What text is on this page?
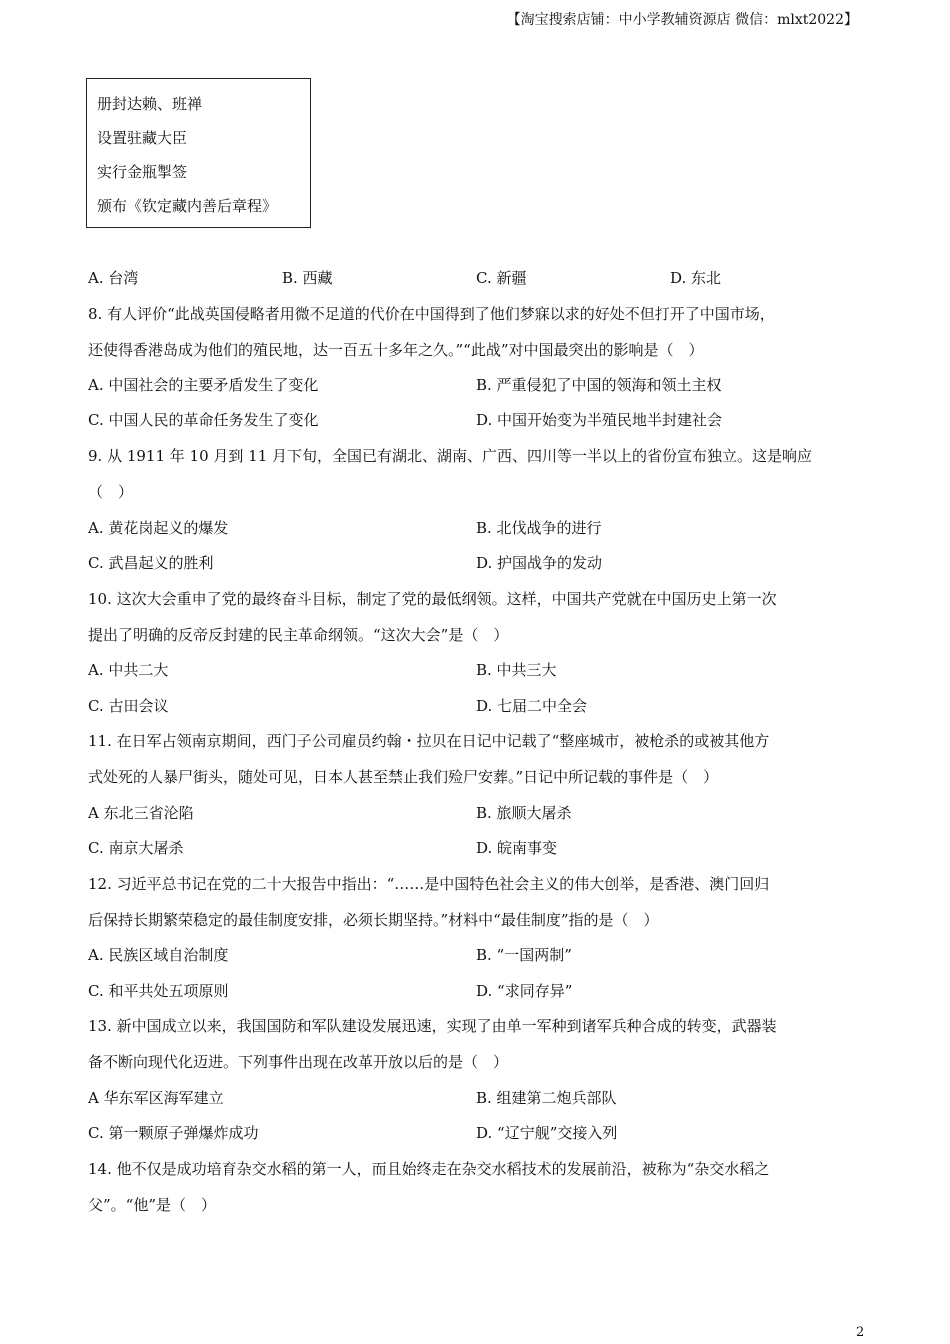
【淘宝搜索店铺：中小学教辅资源店 微信：mlxt2022】
册封达赖、班禅
设置驻藏大臣
实行金瓶掣签
颁布《钦定藏内善后章程》
A. 台湾	B. 西藏	C. 新疆	D. 东北
8. 有人评价“此战英国侵略者用微不足道的代价在中国得到了他们梦寐以求的好处不但打开了中国市场，
还使得香港岛成为他们的殖民地，达一百五十多年之久。”“此战”对中国最突出的影响是（　）
A. 中国社会的主要矛盾发生了变化	B. 严重侵犯了中国的领海和领土主权
C. 中国人民的革命任务发生了变化	D. 中国开始变为半殖民地半封建社会
9. 从 1911 年 10 月到 11 月下旬，全国已有湖北、湖南、广西、四川等一半以上的省份宣布独立。这是响应
（　）
A. 黄花岗起义的爆发	B. 北伐战争的进行
C. 武昌起义的胜利	D. 护国战争的发动
10. 这次大会重申了党的最终奋斗目标，制定了党的最低纲领。这样，中国共产党就在中国历史上第一次
提出了明确的反帝反封建的民主革命纲领。“这次大会”是（　）
A. 中共二大	B. 中共三大
C. 古田会议	D. 七届二中全会
11. 在日军占领南京期间，西门子公司雇员约翰・拉贝在日记中记载了“整座城市，被枪杀的或被其他方
式处死的人暴尸街头，随处可见，日本人甚至禁止我们殓尸安葬。”日记中所记载的事件是（　）
A 东北三省沦陷	B. 旅顺大屠杀
C. 南京大屠杀	D. 皖南事变
12. 习近平总书记在党的二十大报告中指出：“……是中国特色社会主义的伟大创举，是香港、澳门回归
后保持长期繁荣稳定的最佳制度安排，必须长期坚持。”材料中“最佳制度”指的是（　）
A. 民族区域自治制度	B. “一国两制”
C. 和平共处五项原则	D. “求同存异”
13. 新中国成立以来，我国国防和军队建设发展迅速，实现了由单一军种到诸军兵种合成的转变，武器装
备不断向现代化迈进。下列事件出现在改革开放以后的是（　）
A 华东军区海军建立	B. 组建第二炮兵部队
C. 第一颗原子弹爆炸成功	D. “辽宁舰”交接入列
14. 他不仅是成功培育杂交水稻的第一人，而且始终走在杂交水稻技术的发展前沿，被称为“杂交水稻之
父”。“他”是（　）
2
